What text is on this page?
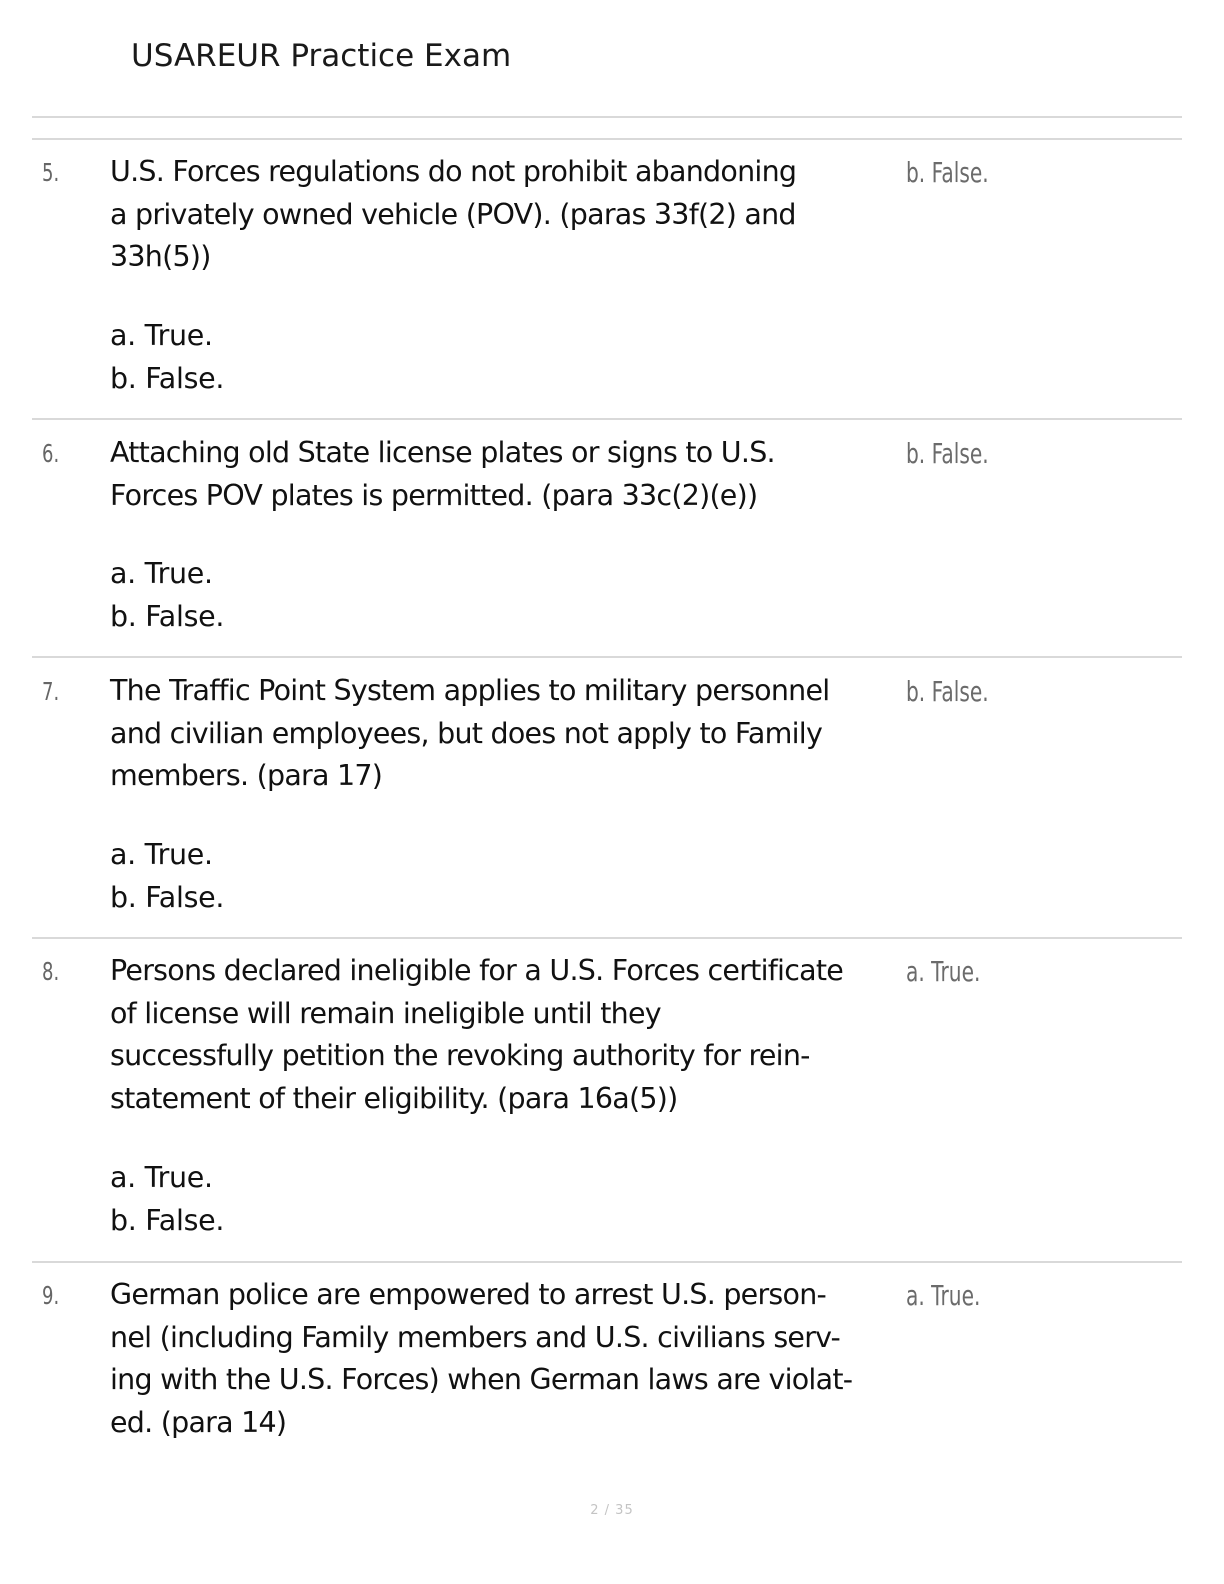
USAREUR Practice Exam
5. U.S. Forces regulations do not prohibit abandoning
a privately owned vehicle (POV). (paras 33f(2) and
33h(5))
a. True.
b. False.
b. False.
6. Attaching old State license plates or signs to U.S.
Forces POV plates is permitted. (para 33c(2)(e))
a. True.
b. False.
b. False.
7. The Traffic Point System applies to military personnel
and civilian employees, but does not apply to Family
members. (para 17)
a. True.
b. False.
b. False.
8. Persons declared ineligible for a U.S. Forces certificate
of license will remain ineligible until they
successfully petition the revoking authority for rein-
statement of their eligibility. (para 16a(5))
a. True.
b. False.
a. True.
9. German police are empowered to arrest U.S. person-
nel (including Family members and U.S. civilians serv-
ing with the U.S. Forces) when German laws are violat-
ed. (para 14)
a. True.
2 / 35
